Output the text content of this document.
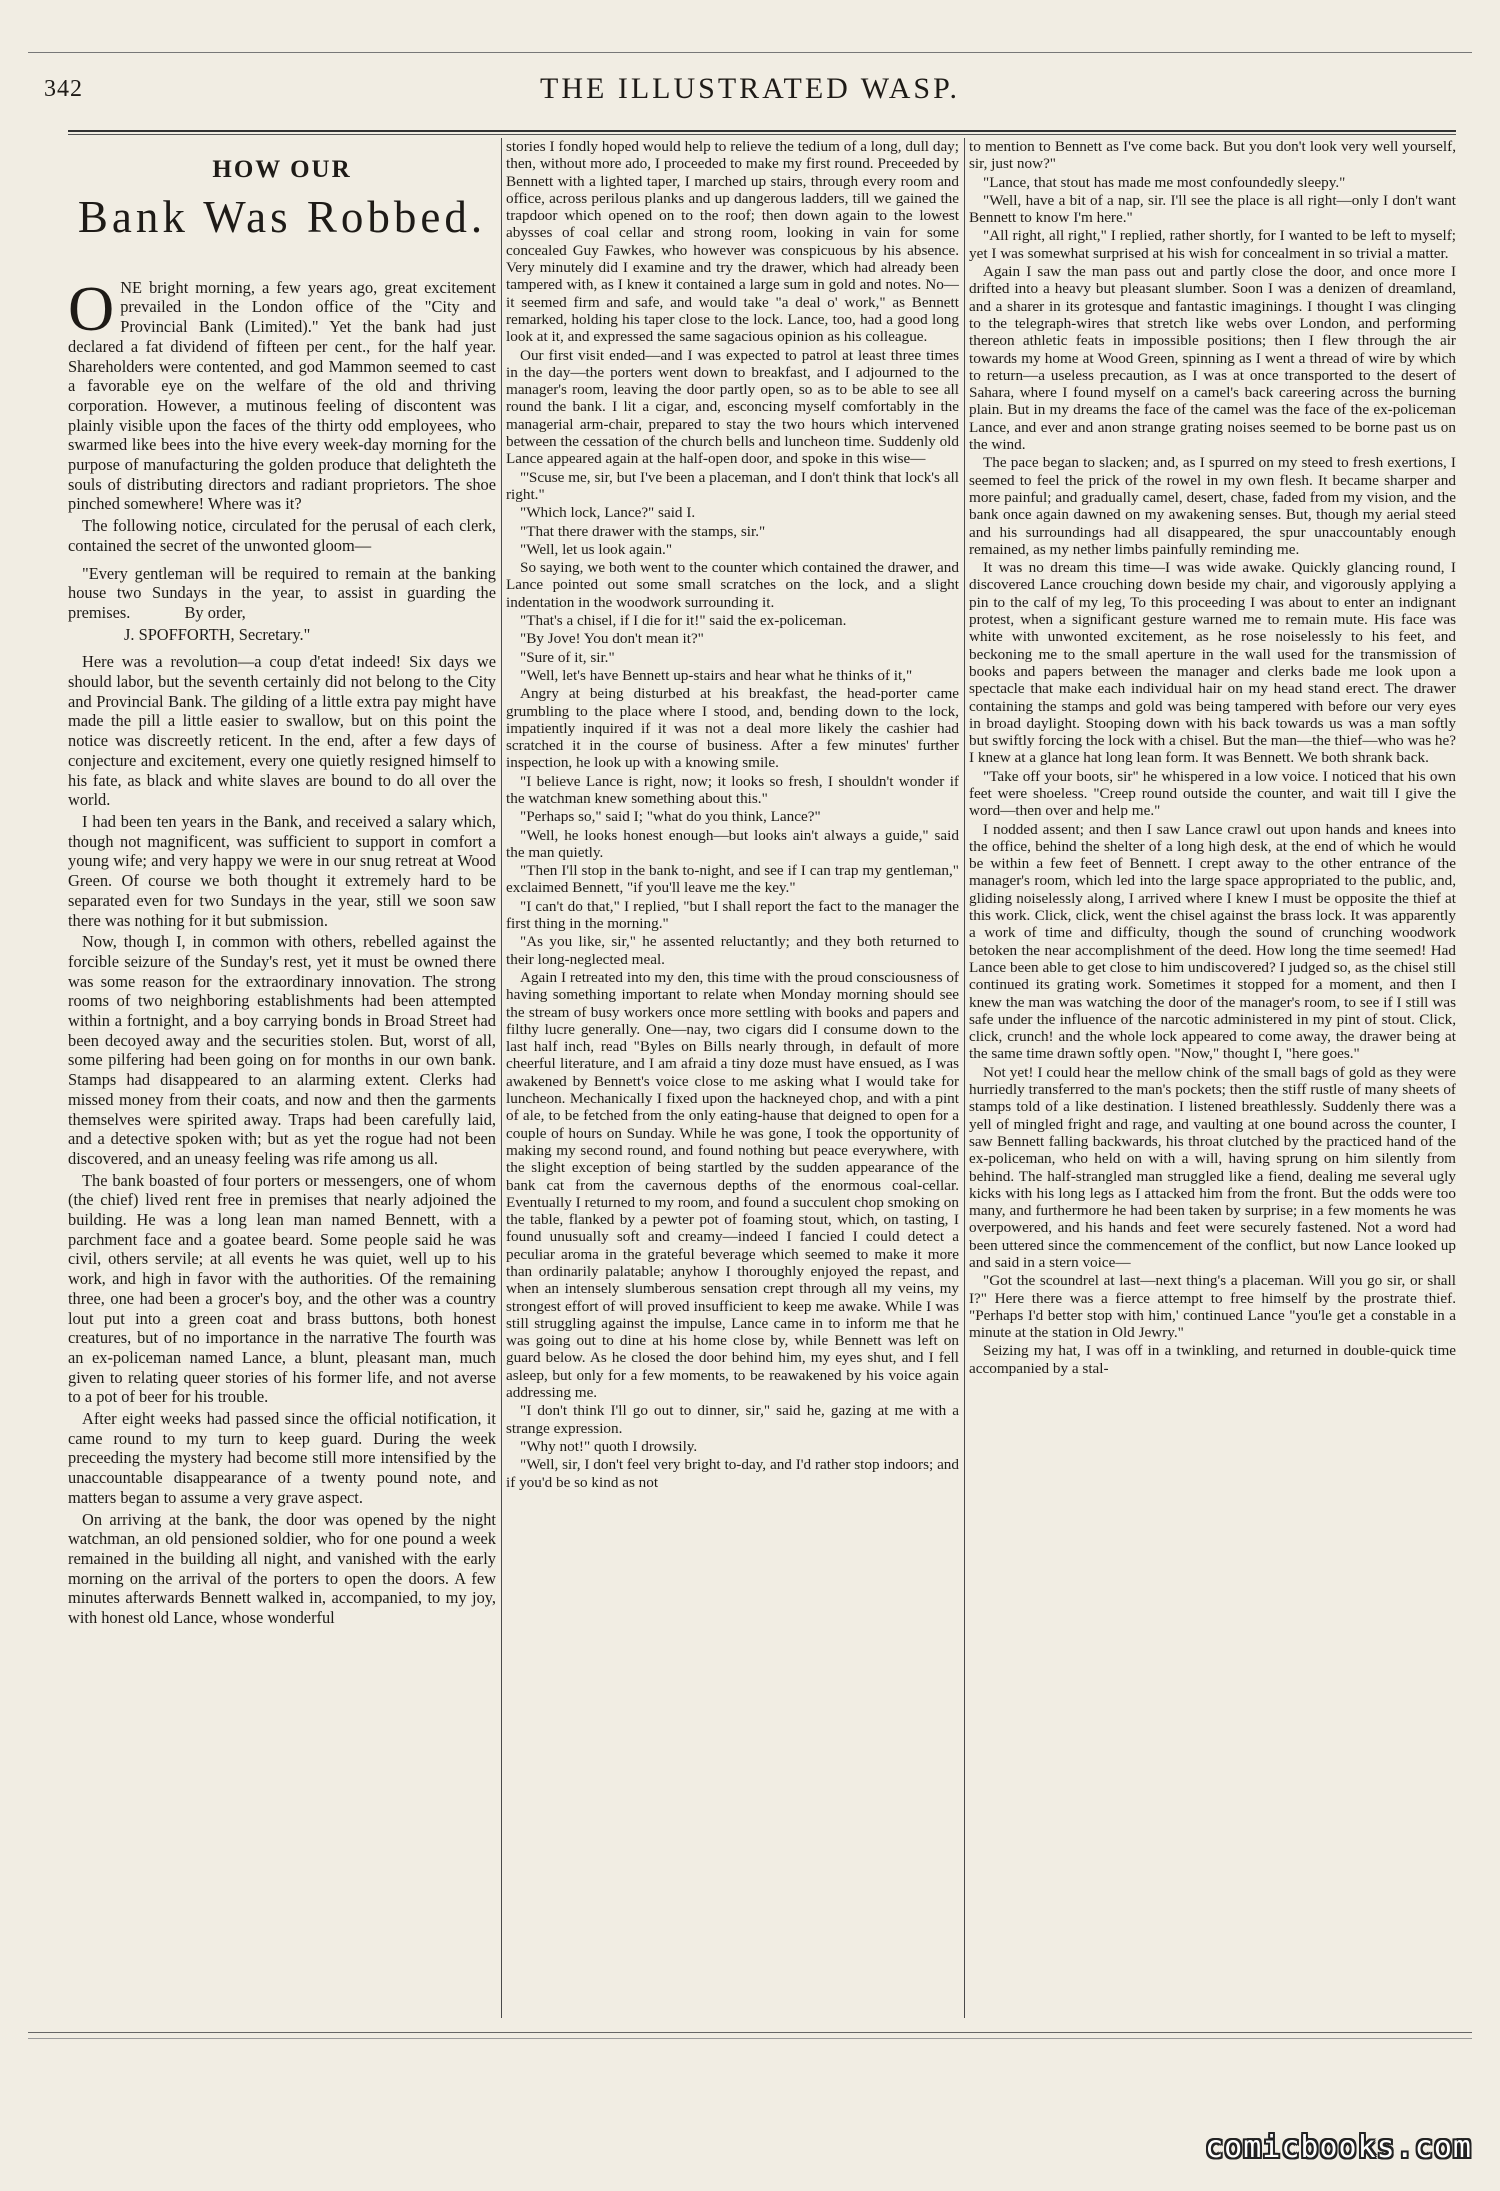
342	THE ILLUSTRATED WASP.
HOW OUR
Bank Was Robbed.

ONE bright morning, a few years ago, great excitement prevailed in the London office of the "City and Provincial Bank (Limited)." Yet the bank had just declared a fat dividend of fifteen per cent., for the half year. Shareholders were contented, and god Mammon seemed to cast a favorable eye on the welfare of the old and thriving corporation. However, a mutinous feeling of discontent was plainly visible upon the faces of the thirty odd employees, who swarmed like bees into the hive every week-day morning for the purpose of manufacturing the golden produce that delighteth the souls of distributing directors and radiant proprietors. The shoe pinched somewhere! Where was it?

The following notice, circulated for the perusal of each clerk, contained the secret of the unwonted gloom—

"Every gentleman will be required to remain at the banking house two Sundays in the year, to assist in guarding the premises.	By order,

J. SPOFFORTH, Secretary."

Here was a revolution—a coup d'etat indeed! Six days we should labor, but the seventh certainly did not belong to the City and Provincial Bank. The gilding of a little extra pay might have made the pill a little easier to swallow, but on this point the notice was discreetly reticent. In the end, after a few days of conjecture and excitement, every one quietly resigned himself to his fate, as black and white slaves are bound to do all over the world.

I had been ten years in the Bank, and received a salary which, though not magnificent, was sufficient to support in comfort a young wife; and very happy we were in our snug retreat at Wood Green. Of course we both thought it extremely hard to be separated even for two Sundays in the year, still we soon saw there was nothing for it but submission.

Now, though I, in common with others, rebelled against the forcible seizure of the Sunday's rest, yet it must be owned there was some reason for the extraordinary innovation. The strong rooms of two neighboring establishments had been attempted within a fortnight, and a boy carrying bonds in Broad Street had been decoyed away and the securities stolen. But, worst of all, some pilfering had been going on for months in our own bank. Stamps had disappeared to an alarming extent. Clerks had missed money from their coats, and now and then the garments themselves were spirited away. Traps had been carefully laid, and a detective spoken with; but as yet the rogue had not been discovered, and an uneasy feeling was rife among us all.

The bank boasted of four porters or messengers, one of whom (the chief) lived rent free in premises that nearly adjoined the building. He was a long lean man named Bennett, with a parchment face and a goatee beard. Some people said he was civil, others servile; at all events he was quiet, well up to his work, and high in favor with the authorities. Of the remaining three, one had been a grocer's boy, and the other was a country lout put into a green coat and brass buttons, both honest creatures, but of no importance in the narrative The fourth was an ex-policeman named Lance, a blunt, pleasant man, much given to relating queer stories of his former life, and not averse to a pot of beer for his trouble.

After eight weeks had passed since the official notification, it came round to my turn to keep guard. During the week preceeding the mystery had become still more intensified by the unaccountable disappearance of a twenty pound note, and matters began to assume a very grave aspect.

On arriving at the bank, the door was opened by the night watchman, an old pensioned soldier, who for one pound a week remained in the building all night, and vanished with the early morning on the arrival of the porters to open the doors. A few minutes afterwards Bennett walked in, accompanied, to my joy, with honest old Lance, whose wonderful

stories I fondly hoped would help to relieve the tedium of a long, dull day; then, without more ado, I proceeded to make my first round. Preceeded by Bennett with a lighted taper, I marched up stairs, through every room and office, across perilous planks and up dangerous ladders, till we gained the trapdoor which opened on to the roof; then down again to the lowest abysses of coal cellar and strong room, looking in vain for some concealed Guy Fawkes, who however was conspicuous by his absence. Very minutely did I examine and try the drawer, which had already been tampered with, as I knew it contained a large sum in gold and notes. No—it seemed firm and safe, and would take "a deal o' work," as Bennett remarked, holding his taper close to the lock. Lance, too, had a good long look at it, and expressed the same sagacious opinion as his colleague.

Our first visit ended—and I was expected to patrol at least three times in the day—the porters went down to breakfast, and I adjourned to the manager's room, leaving the door partly open, so as to be able to see all round the bank. I lit a cigar, and, esconcing myself comfortably in the managerial arm-chair, prepared to stay the two hours which intervened between the cessation of the church bells and luncheon time. Suddenly old Lance appeared again at the half-open door, and spoke in this wise—

"'Scuse me, sir, but I've been a placeman, and I don't think that lock's all right."

"Which lock, Lance?" said I.

"That there drawer with the stamps, sir."

"Well, let us look again."

So saying, we both went to the counter which contained the drawer, and Lance pointed out some small scratches on the lock, and a slight indentation in the woodwork surrounding it.

"That's a chisel, if I die for it!" said the ex-policeman.

"By Jove! You don't mean it?"

"Sure of it, sir."

"Well, let's have Bennett up-stairs and hear what he thinks of it,"

Angry at being disturbed at his breakfast, the head-porter came grumbling to the place where I stood, and, bending down to the lock, impatiently inquired if it was not a deal more likely the cashier had scratched it in the course of business. After a few minutes' further inspection, he look up with a knowing smile.

"I believe Lance is right, now; it looks so fresh, I shouldn't wonder if the watchman knew something about this."

"Perhaps so," said I; "what do you think, Lance?"

"Well, he looks honest enough—but looks ain't always a guide," said the man quietly.

"Then I'll stop in the bank to-night, and see if I can trap my gentleman," exclaimed Bennett, "if you'll leave me the key."

"I can't do that," I replied, "but I shall report the fact to the manager the first thing in the morning."

"As you like, sir," he assented reluctantly; and they both returned to their long-neglected meal.

Again I retreated into my den, this time with the proud consciousness of having something important to relate when Monday morning should see the stream of busy workers once more settling with books and papers and filthy lucre generally. One—nay, two cigars did I consume down to the last half inch, read "Byles on Bills nearly through, in default of more cheerful literature, and I am afraid a tiny doze must have ensued, as I was awakened by Bennett's voice close to me asking what I would take for luncheon. Mechanically I fixed upon the hackneyed chop, and with a pint of ale, to be fetched from the only eating-hause that deigned to open for a couple of hours on Sunday. While he was gone, I took the opportunity of making my second round, and found nothing but peace everywhere, with the slight exception of being startled by the sudden appearance of the bank cat from the cavernous depths of the enormous coal-cellar. Eventually I returned to my room, and found a succulent chop smoking on the table, flanked by a pewter pot of foaming stout, which, on tasting, I found unusually soft and creamy—indeed I fancied I could detect a peculiar aroma in the grateful beverage which seemed to make it more than ordinarily palatable; anyhow I thoroughly enjoyed the repast, and when an intensely slumberous sensation crept through all my veins, my strongest effort of will proved insufficient to keep me awake. While I was still struggling against the impulse, Lance came in to inform me that he was going out to dine at his home close by, while Bennett was left on guard below. As he closed the door behind him, my eyes shut, and I fell asleep, but only for a few moments, to be reawakened by his voice again addressing me.

"I don't think I'll go out to dinner, sir," said he, gazing at me with a strange expression.

"Why not!" quoth I drowsily.

"Well, sir, I don't feel very bright to-day, and I'd rather stop indoors; and if you'd be so kind as not

to mention to Bennett as I've come back. But you don't look very well yourself, sir, just now?"

"Lance, that stout has made me most confoundedly sleepy."

"Well, have a bit of a nap, sir. I'll see the place is all right—only I don't want Bennett to know I'm here."

"All right, all right," I replied, rather shortly, for I wanted to be left to myself; yet I was somewhat surprised at his wish for concealment in so trivial a matter.

Again I saw the man pass out and partly close the door, and once more I drifted into a heavy but pleasant slumber. Soon I was a denizen of dreamland, and a sharer in its grotesque and fantastic imaginings. I thought I was clinging to the telegraph-wires that stretch like webs over London, and performing thereon athletic feats in impossible positions; then I flew through the air towards my home at Wood Green, spinning as I went a thread of wire by which to return—a useless precaution, as I was at once transported to the desert of Sahara, where I found myself on a camel's back careering across the burning plain. But in my dreams the face of the camel was the face of the ex-policeman Lance, and ever and anon strange grating noises seemed to be borne past us on the wind.

The pace began to slacken; and, as I spurred on my steed to fresh exertions, I seemed to feel the prick of the rowel in my own flesh. It became sharper and more painful; and gradually camel, desert, chase, faded from my vision, and the bank once again dawned on my awakening senses. But, though my aerial steed and his surroundings had all disappeared, the spur unaccountably enough remained, as my nether limbs painfully reminding me.

It was no dream this time—I was wide awake. Quickly glancing round, I discovered Lance crouching down beside my chair, and vigorously applying a pin to the calf of my leg, To this proceeding I was about to enter an indignant protest, when a significant gesture warned me to remain mute. His face was white with unwonted excitement, as he rose noiselessly to his feet, and beckoning me to the small aperture in the wall used for the transmission of books and papers between the manager and clerks bade me look upon a spectacle that make each individual hair on my head stand erect. The drawer containing the stamps and gold was being tampered with before our very eyes in broad daylight. Stooping down with his back towards us was a man softly but swiftly forcing the lock with a chisel. But the man—the thief—who was he? I knew at a glance hat long lean form. It was Bennett. We both shrank back.

"Take off your boots, sir" he whispered in a low voice. I noticed that his own feet were shoeless. "Creep round outside the counter, and wait till I give the word—then over and help me."

I nodded assent; and then I saw Lance crawl out upon hands and knees into the office, behind the shelter of a long high desk, at the end of which he would be within a few feet of Bennett. I crept away to the other entrance of the manager's room, which led into the large space appropriated to the public, and, gliding noiselessly along, I arrived where I knew I must be opposite the thief at this work. Click, click, went the chisel against the brass lock. It was apparently a work of time and difficulty, though the sound of crunching woodwork betoken the near accomplishment of the deed. How long the time seemed! Had Lance been able to get close to him undiscovered? I judged so, as the chisel still continued its grating work. Sometimes it stopped for a moment, and then I knew the man was watching the door of the manager's room, to see if I still was safe under the influence of the narcotic administered in my pint of stout. Click, click, crunch! and the whole lock appeared to come away, the drawer being at the same time drawn softly open. "Now," thought I, "here goes."

Not yet! I could hear the mellow chink of the small bags of gold as they were hurriedly transferred to the man's pockets; then the stiff rustle of many sheets of stamps told of a like destination. I listened breathlessly. Suddenly there was a yell of mingled fright and rage, and vaulting at one bound across the counter, I saw Bennett falling backwards, his throat clutched by the practiced hand of the ex-policeman, who held on with a will, having sprung on him silently from behind. The half-strangled man struggled like a fiend, dealing me several ugly kicks with his long legs as I attacked him from the front. But the odds were too many, and furthermore he had been taken by surprise; in a few moments he was overpowered, and his hands and feet were securely fastened. Not a word had been uttered since the commencement of the conflict, but now Lance looked up and said in a stern voice—

"Got the scoundrel at last—next thing's a placeman. Will you go sir, or shall I?" Here there was a fierce attempt to free himself by the prostrate thief. "Perhaps I'd better stop with him,' continued Lance "you'le get a constable in a minute at the station in Old Jewry."

Seizing my hat, I was off in a twinkling, and returned in double-quick time accompanied by a stal-

comicbooks.com
